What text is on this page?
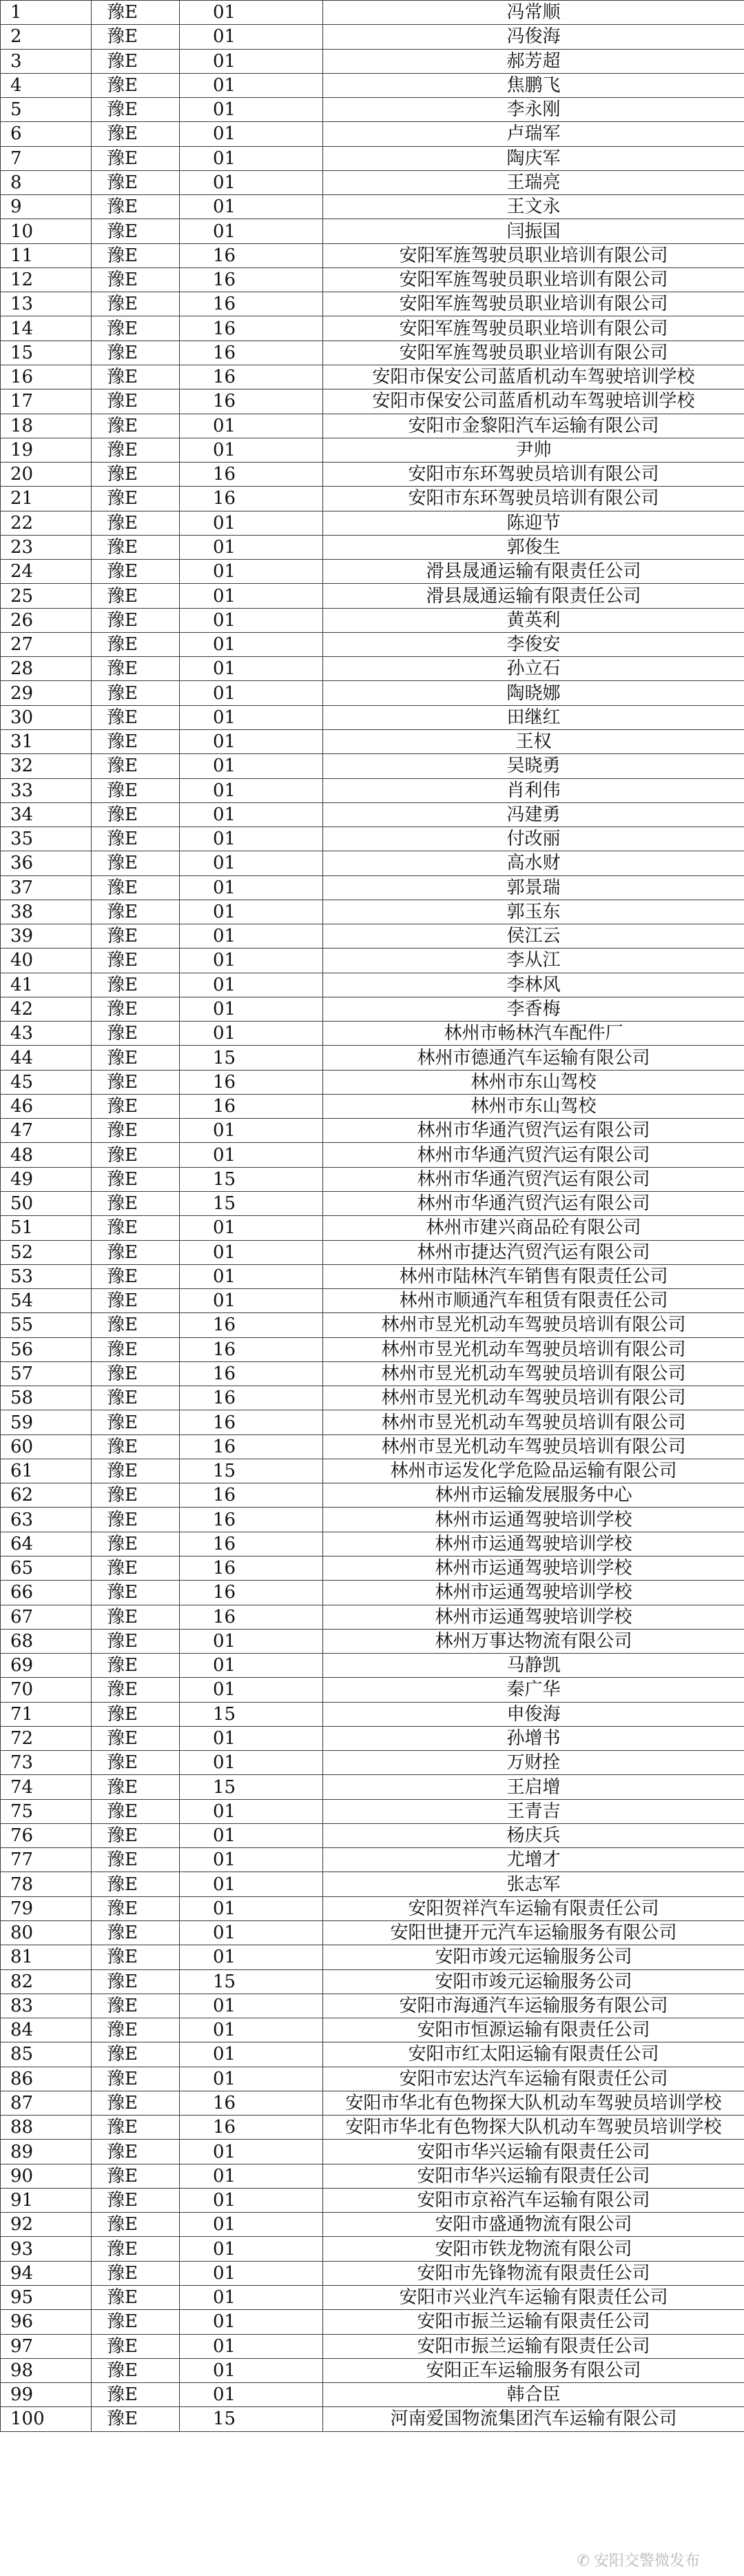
1	豫E	01	冯常顺
2	豫E	01	冯俊海
3	豫E	01	郝芳超
4	豫E	01	焦鹏飞
5	豫E	01	李永刚
6	豫E	01	卢瑞军
7	豫E	01	陶庆军
8	豫E	01	王瑞亮
9	豫E	01	王文永
10	豫E	01	闫振国
11	豫E	16	安阳军旌驾驶员职业培训有限公司
12	豫E	16	安阳军旌驾驶员职业培训有限公司
13	豫E	16	安阳军旌驾驶员职业培训有限公司
14	豫E	16	安阳军旌驾驶员职业培训有限公司
15	豫E	16	安阳军旌驾驶员职业培训有限公司
16	豫E	16	安阳市保安公司蓝盾机动车驾驶培训学校
17	豫E	16	安阳市保安公司蓝盾机动车驾驶培训学校
18	豫E	01	安阳市金黎阳汽车运输有限公司
19	豫E	01	尹帅
20	豫E	16	安阳市东环驾驶员培训有限公司
21	豫E	16	安阳市东环驾驶员培训有限公司
22	豫E	01	陈迎节
23	豫E	01	郭俊生
24	豫E	01	滑县晟通运输有限责任公司
25	豫E	01	滑县晟通运输有限责任公司
26	豫E	01	黄英利
27	豫E	01	李俊安
28	豫E	01	孙立石
29	豫E	01	陶晓娜
30	豫E	01	田继红
31	豫E	01	王权
32	豫E	01	吴晓勇
33	豫E	01	肖利伟
34	豫E	01	冯建勇
35	豫E	01	付改丽
36	豫E	01	高水财
37	豫E	01	郭景瑞
38	豫E	01	郭玉东
39	豫E	01	侯江云
40	豫E	01	李从江
41	豫E	01	李林风
42	豫E	01	李香梅
43	豫E	01	林州市畅林汽车配件厂
44	豫E	15	林州市德通汽车运输有限公司
45	豫E	16	林州市东山驾校
46	豫E	16	林州市东山驾校
47	豫E	01	林州市华通汽贸汽运有限公司
48	豫E	01	林州市华通汽贸汽运有限公司
49	豫E	15	林州市华通汽贸汽运有限公司
50	豫E	15	林州市华通汽贸汽运有限公司
51	豫E	01	林州市建兴商品砼有限公司
52	豫E	01	林州市捷达汽贸汽运有限公司
53	豫E	01	林州市陆林汽车销售有限责任公司
54	豫E	01	林州市顺通汽车租赁有限责任公司
55	豫E	16	林州市昱光机动车驾驶员培训有限公司
56	豫E	16	林州市昱光机动车驾驶员培训有限公司
57	豫E	16	林州市昱光机动车驾驶员培训有限公司
58	豫E	16	林州市昱光机动车驾驶员培训有限公司
59	豫E	16	林州市昱光机动车驾驶员培训有限公司
60	豫E	16	林州市昱光机动车驾驶员培训有限公司
61	豫E	15	林州市运发化学危险品运输有限公司
62	豫E	16	林州市运输发展服务中心
63	豫E	16	林州市运通驾驶培训学校
64	豫E	16	林州市运通驾驶培训学校
65	豫E	16	林州市运通驾驶培训学校
66	豫E	16	林州市运通驾驶培训学校
67	豫E	16	林州市运通驾驶培训学校
68	豫E	01	林州万事达物流有限公司
69	豫E	01	马静凯
70	豫E	01	秦广华
71	豫E	15	申俊海
72	豫E	01	孙增书
73	豫E	01	万财拴
74	豫E	15	王启增
75	豫E	01	王青吉
76	豫E	01	杨庆兵
77	豫E	01	尤增才
78	豫E	01	张志军
79	豫E	01	安阳贺祥汽车运输有限责任公司
80	豫E	01	安阳世捷开元汽车运输服务有限公司
81	豫E	01	安阳市竣元运输服务公司
82	豫E	15	安阳市竣元运输服务公司
83	豫E	01	安阳市海通汽车运输服务有限公司
84	豫E	01	安阳市恒源运输有限责任公司
85	豫E	01	安阳市红太阳运输有限责任公司
86	豫E	01	安阳市宏达汽车运输有限责任公司
87	豫E	16	安阳市华北有色物探大队机动车驾驶员培训学校
88	豫E	16	安阳市华北有色物探大队机动车驾驶员培训学校
89	豫E	01	安阳市华兴运输有限责任公司
90	豫E	01	安阳市华兴运输有限责任公司
91	豫E	01	安阳市京裕汽车运输有限公司
92	豫E	01	安阳市盛通物流有限公司
93	豫E	01	安阳市铁龙物流有限公司
94	豫E	01	安阳市先锋物流有限责任公司
95	豫E	01	安阳市兴业汽车运输有限责任公司
96	豫E	01	安阳市振兰运输有限责任公司
97	豫E	01	安阳市振兰运输有限责任公司
98	豫E	01	安阳正车运输服务有限公司
99	豫E	01	韩合臣
100	豫E	15	河南爱国物流集团汽车运输有限公司
✆ 安阳交警微发布
